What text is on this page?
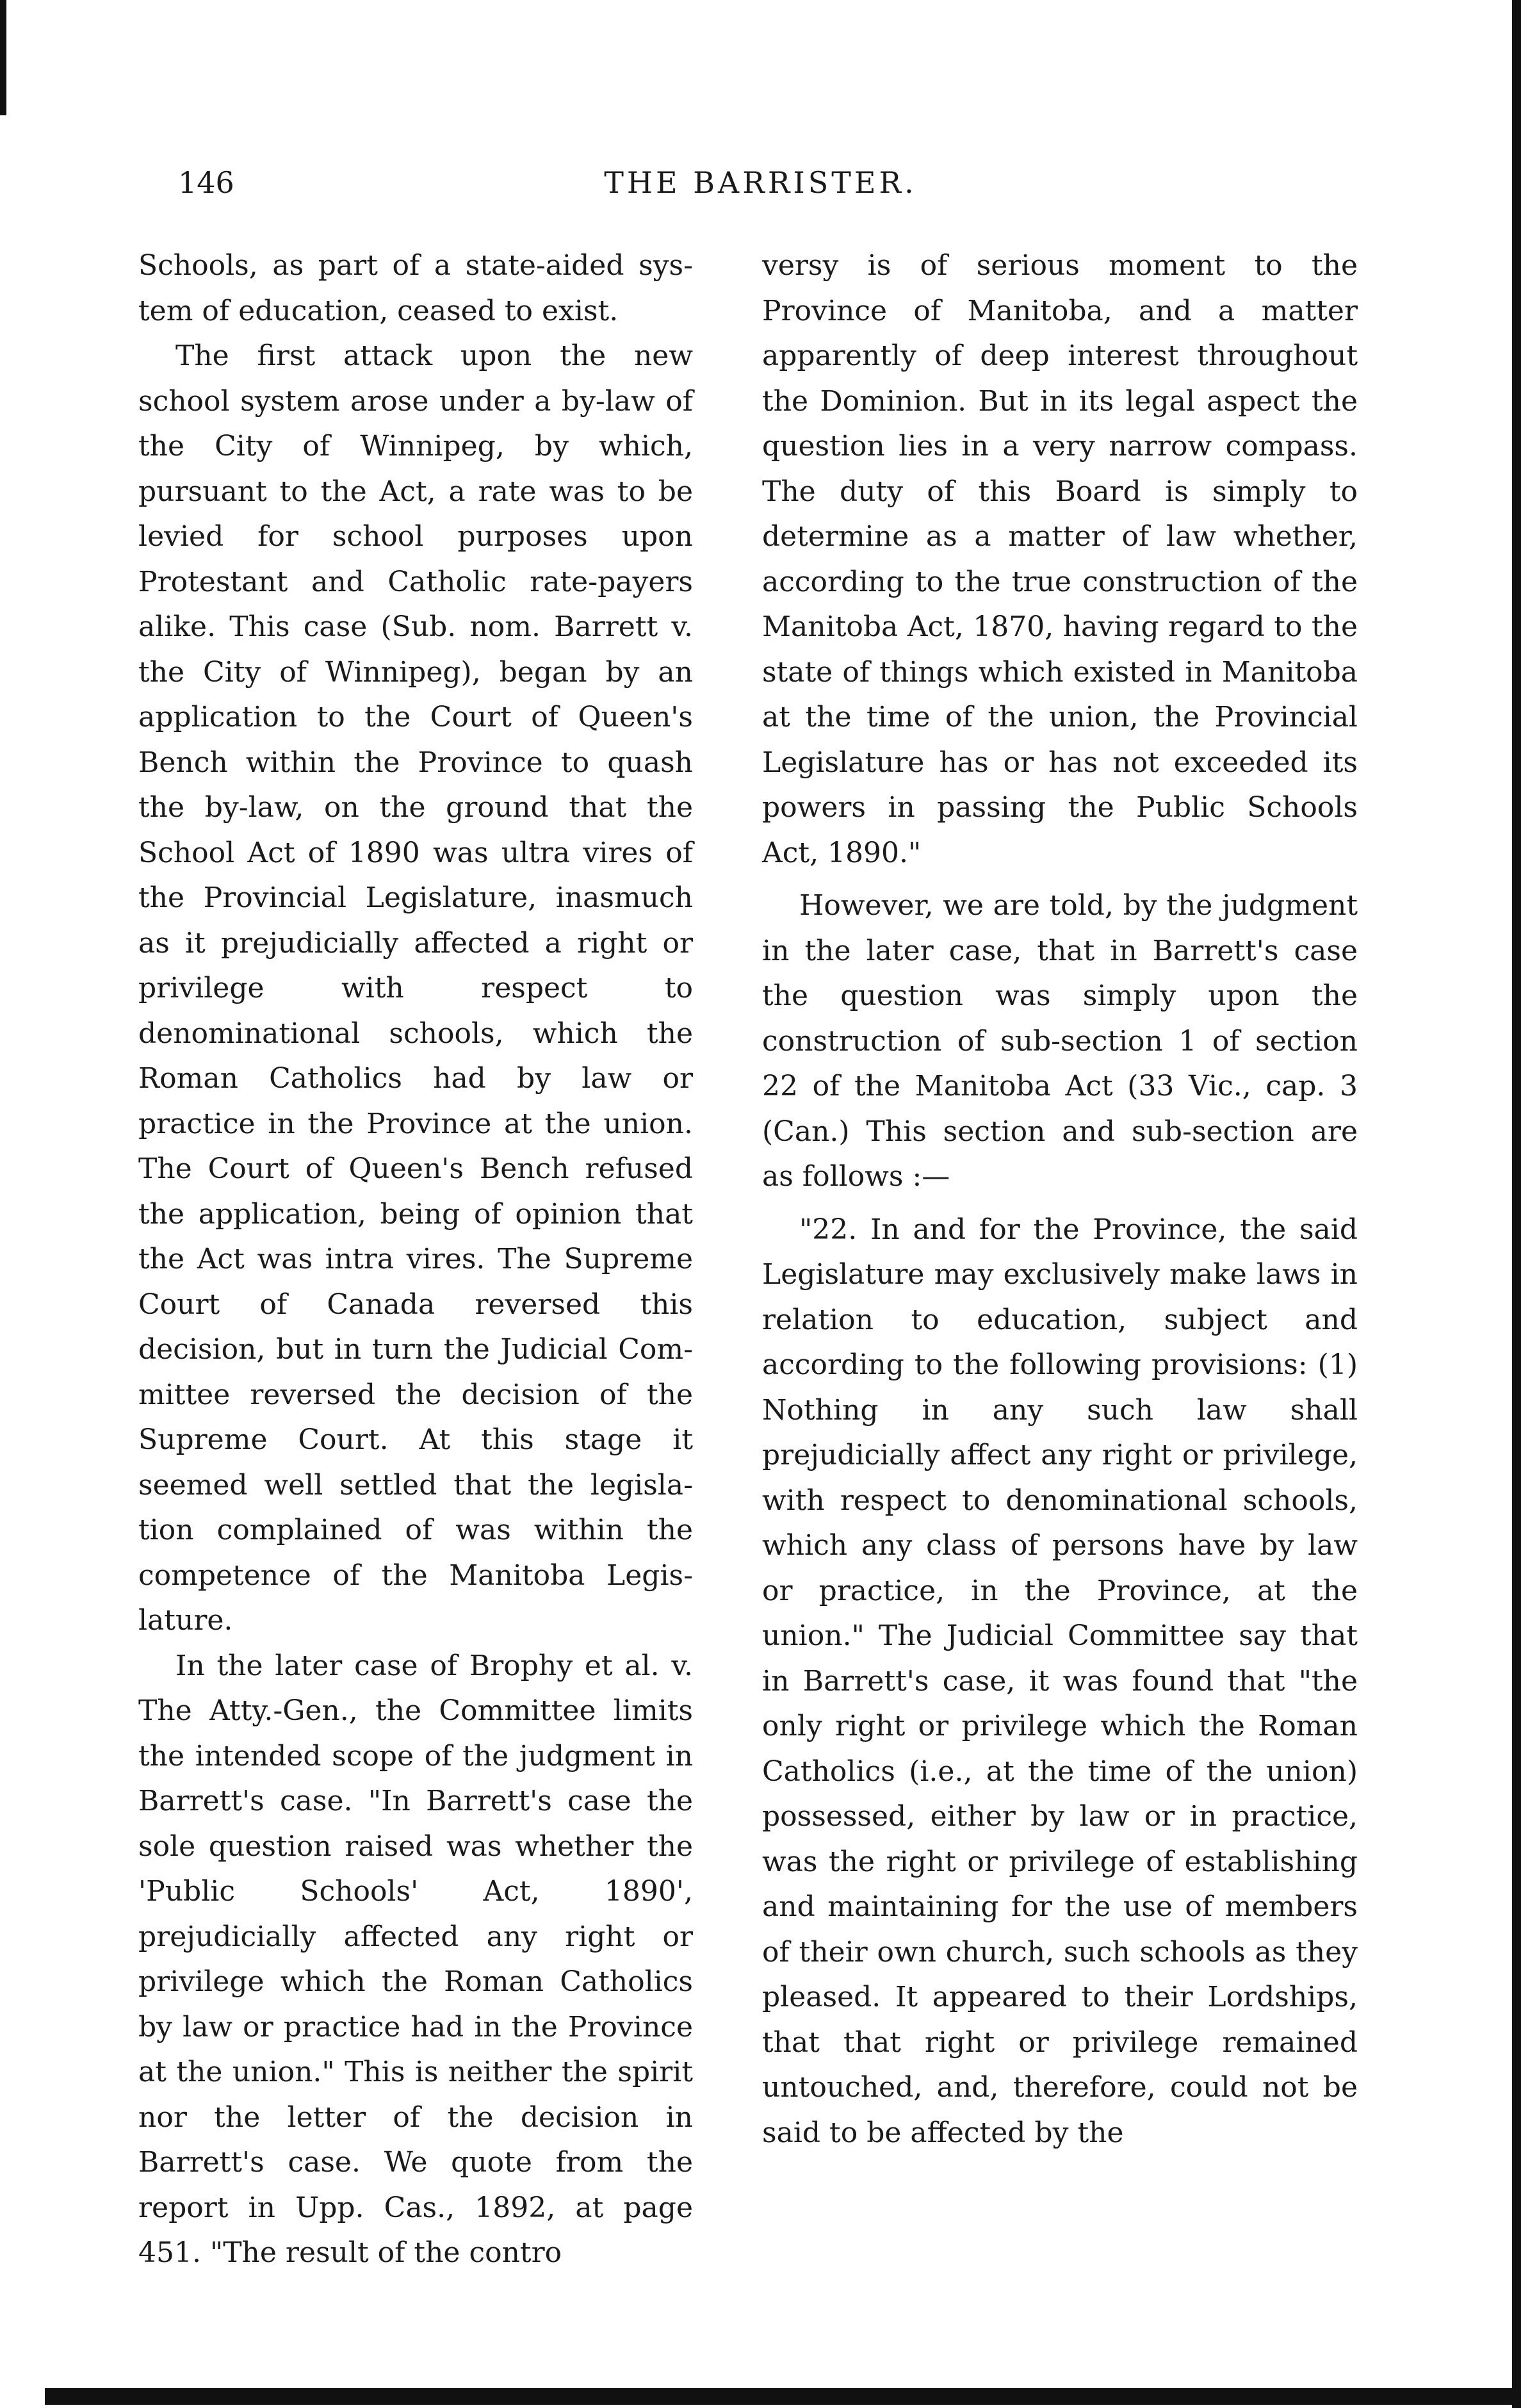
146	THE BARRISTER.

Schools, as part of a state-aided system of education, ceased to exist.

The first attack upon the new school system arose under a by-law of the City of Winnipeg, by which, pursuant to the Act, a rate was to be levied for school purposes upon Protestant and Catholic rate-payers alike. This case (Sub. nom. Barrett v. the City of Winnipeg), began by an application to the Court of Queen's Bench within the Province to quash the by-law, on the ground that the School Act of 1890 was ultra vires of the Provincial Legislature, inasmuch as it prejudicially affected a right or privilege with respect to denominational schools, which the Roman Catholics had by law or practice in the Province at the union. The Court of Queen's Bench refused the application, being of opinion that the Act was intra vires. The Supreme Court of Canada reversed this decision, but in turn the Judicial Committee reversed the decision of the Supreme Court. At this stage it seemed well settled that the legislation complained of was within the competence of the Manitoba Legislature.

In the later case of Brophy et al. v. The Atty.-Gen., the Committee limits the intended scope of the judgment in Barrett's case. "In Barrett's case the sole question raised was whether the 'Public Schools' Act, 1890', prejudicially affected any right or privilege which the Roman Catholics by law or practice had in the Province at the union." This is neither the spirit nor the letter of the decision in Barrett's case. We quote from the report in Upp. Cas., 1892, at page 451. "The result of the contro

versy is of serious moment to the Province of Manitoba, and a matter apparently of deep interest throughout the Dominion. But in its legal aspect the question lies in a very narrow compass. The duty of this Board is simply to determine as a matter of law whether, according to the true construction of the Manitoba Act, 1870, having regard to the state of things which existed in Manitoba at the time of the union, the Provincial Legislature has or has not exceeded its powers in passing the Public Schools Act, 1890."

However, we are told, by the judgment in the later case, that in Barrett's case the question was simply upon the construction of sub-section 1 of section 22 of the Manitoba Act (33 Vic., cap. 3 (Can.) This section and sub-section are as follows :—

"22. In and for the Province, the said Legislature may exclusively make laws in relation to education, subject and according to the following provisions: (1) Nothing in any such law shall prejudicially affect any right or privilege, with respect to denominational schools, which any class of persons have by law or practice, in the Province, at the union." The Judicial Committee say that in Barrett's case, it was found that "the only right or privilege which the Roman Catholics (i.e., at the time of the union) possessed, either by law or in practice, was the right or privilege of establishing and maintaining for the use of members of their own church, such schools as they pleased. It appeared to their Lordships, that that right or privilege remained untouched, and, therefore, could not be said to be affected by the
